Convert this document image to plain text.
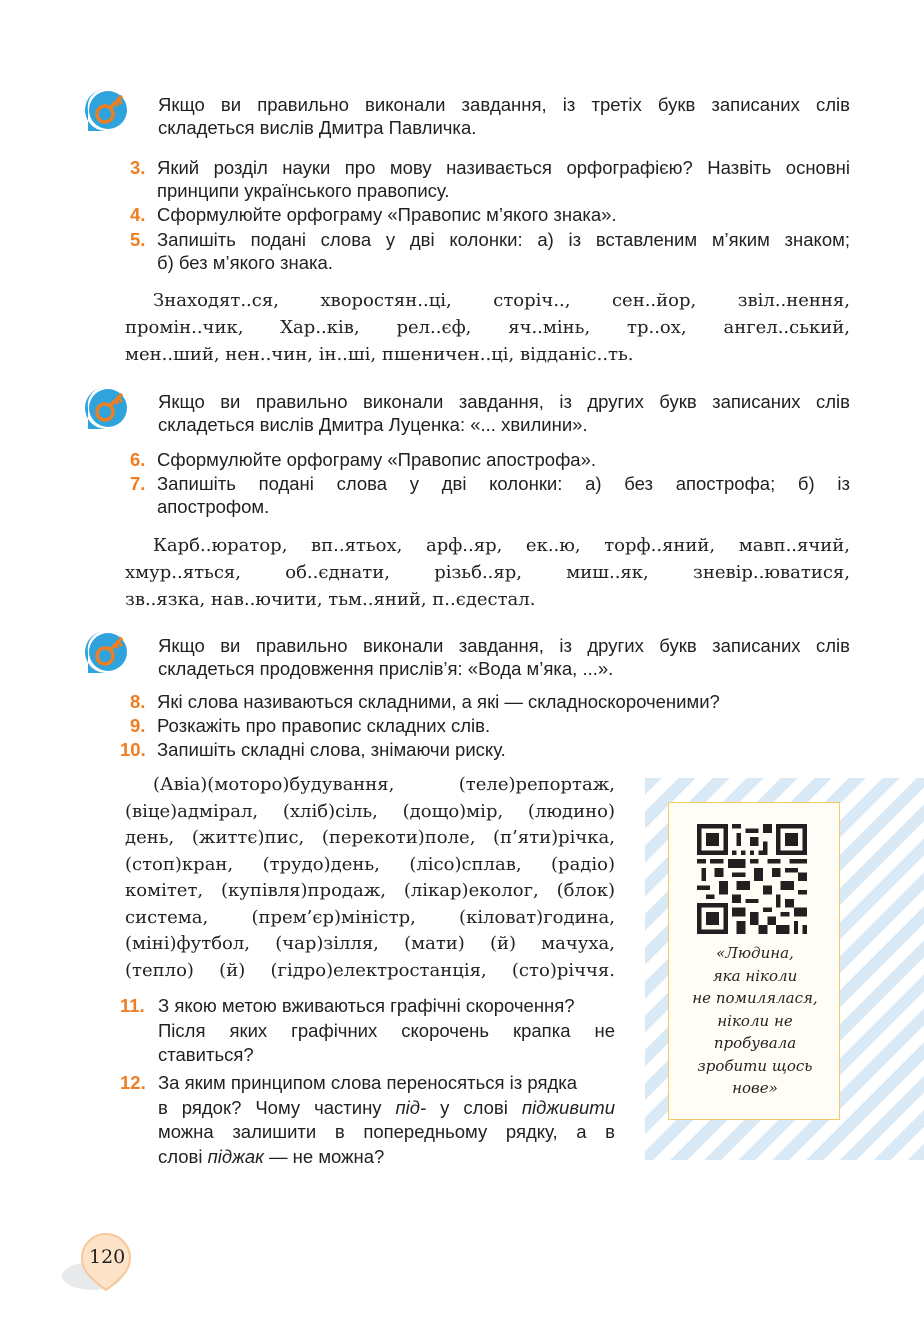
Якщо ви правильно виконали завдання, із третіх букв записаних слів
складеться вислів Дмитра Павличка.
3. Який розділ науки про мову називається орфографією? Назвіть основні
принципи українського правопису.
4. Сформулюйте орфограму «Правопис м’якого знака».
5. Запишіть подані слова у дві колонки: а) із вставленим м’яким знаком;
б) без м’якого знака.
Знаходят..ся, хворостян..ці, сторіч.., сен..йор, звіл..нення,
промін..чик, Хар..ків, рел..єф, яч..мінь, тр..ох, ангел..ський,
мен..ший, нен..чин, ін..ші, пшеничен..ці, відданіс..ть.
Якщо ви правильно виконали завдання, із других букв записаних слів
складеться вислів Дмитра Луценка: «... хвилини».
6. Сформулюйте орфограму «Правопис апострофа».
7. Запишіть подані слова у дві колонки: а) без апострофа; б) із
апострофом.
Карб..юратор, вп..ятьох, арф..яр, ек..ю, торф..яний, мавп..ячий,
хмур..яться, об..єднати, різьб..яр, миш..як, зневір..юватися,
зв..язка, нав..ючити, тьм..яний, п..єдестал.
Якщо ви правильно виконали завдання, із других букв записаних слів
складеться продовження прислів’я: «Вода м’яка, ...».
8. Які слова називаються складними, а які — складноскороченими?
9. Розкажіть про правопис складних слів.
10. Запишіть складні слова, знімаючи риску.
(Авіа)(моторо)будування, (теле)репортаж,
(віце)адмірал, (хліб)сіль, (дощо)мір, (людино)
день, (життє)пис, (перекоти)поле, (п’яти)річка,
(стоп)кран, (трудо)день, (лісо)сплав, (радіо)
комітет, (купівля)продаж, (лікар)еколог, (блок)
система, (прем’єр)міністр, (кіловат)година,
(міні)футбол, (чар)зілля, (мати) (й) мачуха,
(тепло) (й) (гідро)електростанція, (сто)річчя.
11. З якою метою вживаються графічні скорочення?
Після яких графічних скорочень крапка не
ставиться?
12. За яким принципом слова переносяться із рядка
в рядок? Чому частину під- у слові підживити
можна залишити в попередньому рядку, а в
слові піджак — не можна?
«Людина,
яка ніколи
не помилялася,
ніколи не
пробувала
зробити щось
нове»
120
